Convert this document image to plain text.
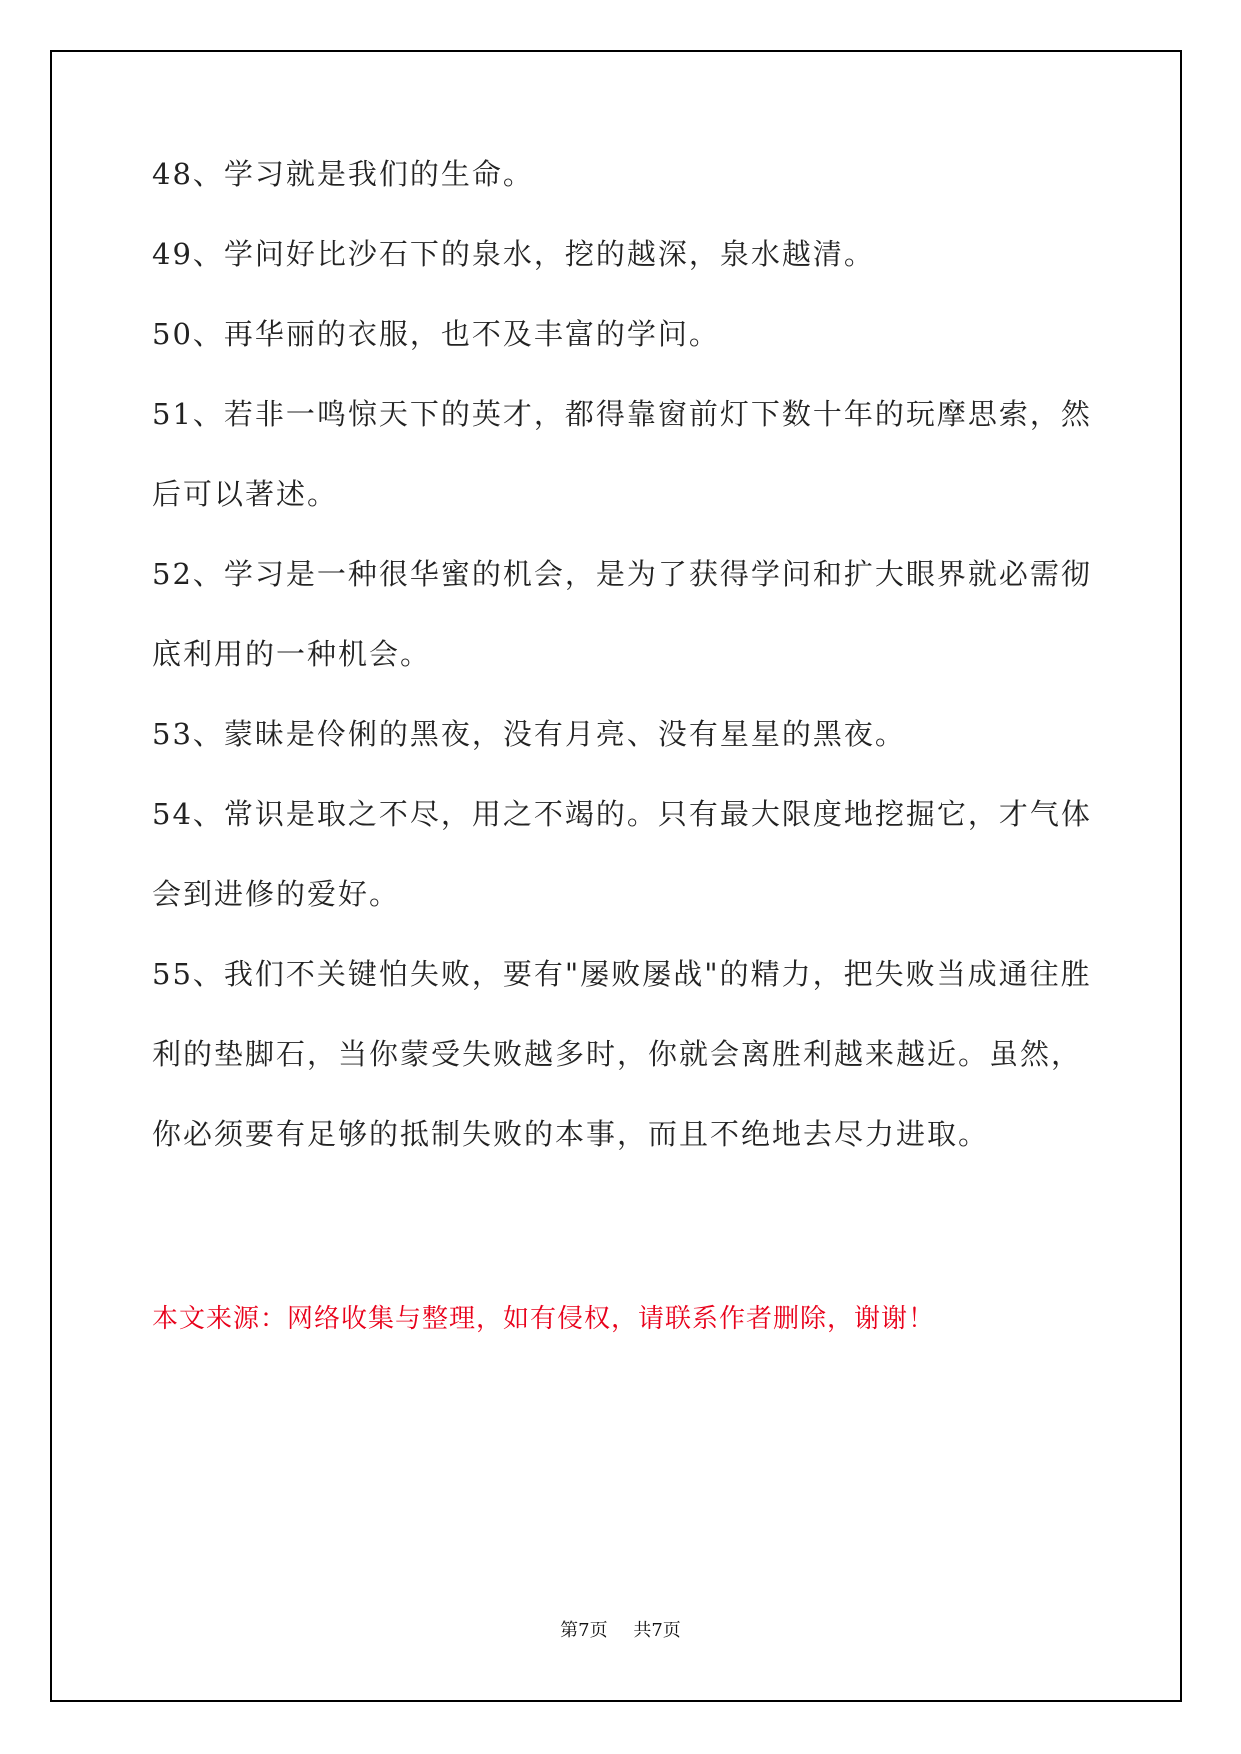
48、学习就是我们的生命。
49、学问好比沙石下的泉水，挖的越深，泉水越清。
50、再华丽的衣服，也不及丰富的学问。
51、若非一鸣惊天下的英才，都得靠窗前灯下数十年的玩摩思索，然
后可以著述。
52、学习是一种很华蜜的机会，是为了获得学问和扩大眼界就必需彻
底利用的一种机会。
53、蒙昧是伶俐的黑夜，没有月亮、没有星星的黑夜。
54、常识是取之不尽，用之不竭的。只有最大限度地挖掘它，才气体
会到进修的爱好。
55、我们不关键怕失败，要有"屡败屡战"的精力，把失败当成通往胜
利的垫脚石，当你蒙受失败越多时，你就会离胜利越来越近。虽然，
你必须要有足够的抵制失败的本事，而且不绝地去尽力进取。

本文来源：网络收集与整理，如有侵权，请联系作者删除，谢谢！

第7页 共7页
